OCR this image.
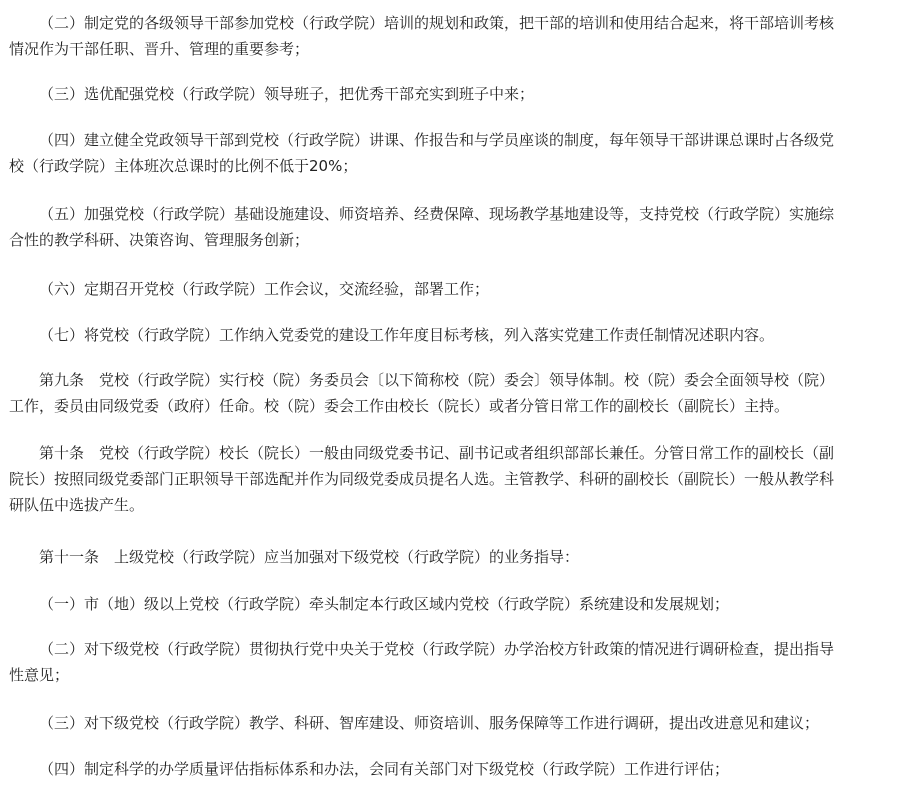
（二）制定党的各级领导干部参加党校（行政学院）培训的规划和政策，把干部的培训和使用结合起来，将干部培训考核
情况作为干部任职、晋升、管理的重要参考；

（三）选优配强党校（行政学院）领导班子，把优秀干部充实到班子中来；

（四）建立健全党政领导干部到党校（行政学院）讲课、作报告和与学员座谈的制度，每年领导干部讲课总课时占各级党
校（行政学院）主体班次总课时的比例不低于20%；

（五）加强党校（行政学院）基础设施建设、师资培养、经费保障、现场教学基地建设等，支持党校（行政学院）实施综
合性的教学科研、决策咨询、管理服务创新；

（六）定期召开党校（行政学院）工作会议，交流经验，部署工作；

（七）将党校（行政学院）工作纳入党委党的建设工作年度目标考核，列入落实党建工作责任制情况述职内容。

第九条　党校（行政学院）实行校（院）务委员会〔以下简称校（院）委会〕领导体制。校（院）委会全面领导校（院）
工作，委员由同级党委（政府）任命。校（院）委会工作由校长（院长）或者分管日常工作的副校长（副院长）主持。

第十条　党校（行政学院）校长（院长）一般由同级党委书记、副书记或者组织部部长兼任。分管日常工作的副校长（副
院长）按照同级党委部门正职领导干部选配并作为同级党委成员提名人选。主管教学、科研的副校长（副院长）一般从教学科
研队伍中选拔产生。

第十一条　上级党校（行政学院）应当加强对下级党校（行政学院）的业务指导：

（一）市（地）级以上党校（行政学院）牵头制定本行政区域内党校（行政学院）系统建设和发展规划；

（二）对下级党校（行政学院）贯彻执行党中央关于党校（行政学院）办学治校方针政策的情况进行调研检查，提出指导
性意见；

（三）对下级党校（行政学院）教学、科研、智库建设、师资培训、服务保障等工作进行调研，提出改进意见和建议；

（四）制定科学的办学质量评估指标体系和办法，会同有关部门对下级党校（行政学院）工作进行评估；
